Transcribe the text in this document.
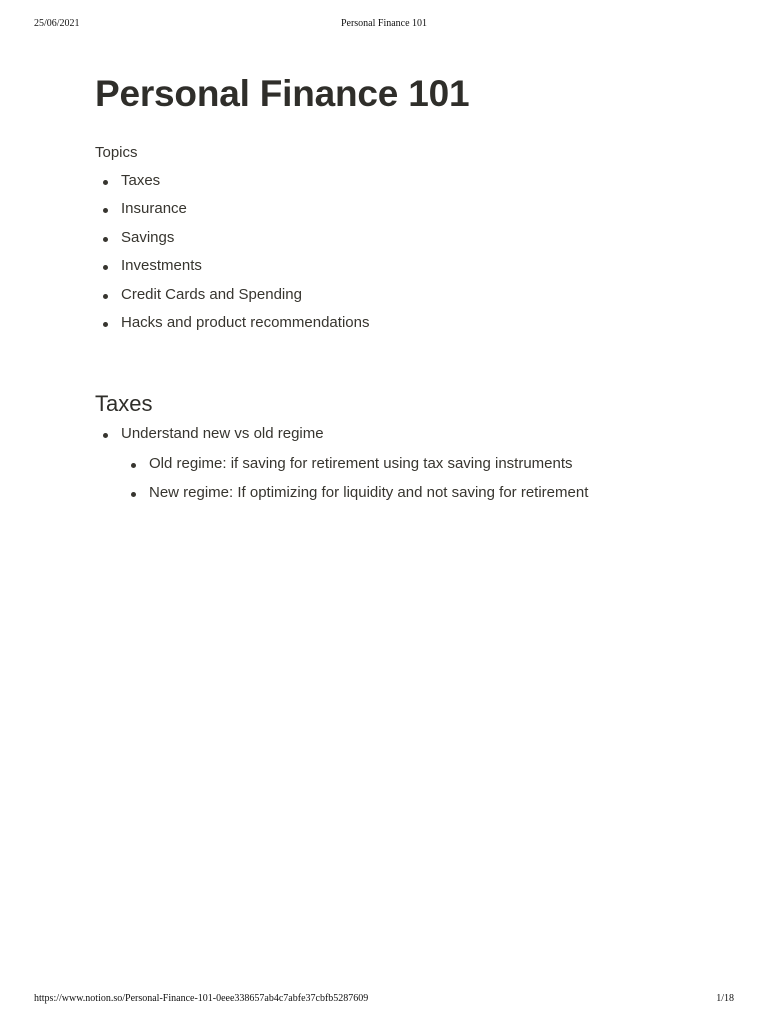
25/06/2021	Personal Finance 101
Personal Finance 101

Topics

Taxes
Insurance
Savings
Investments
Credit Cards and Spending
Hacks and product recommendations
Taxes
Understand new vs old regime
Old regime: if saving for retirement using tax saving instruments
New regime: If optimizing for liquidity and not saving for retirement
https://www.notion.so/Personal-Finance-101-0eee338657ab4c7abfe37cbfb5287609	1/18
